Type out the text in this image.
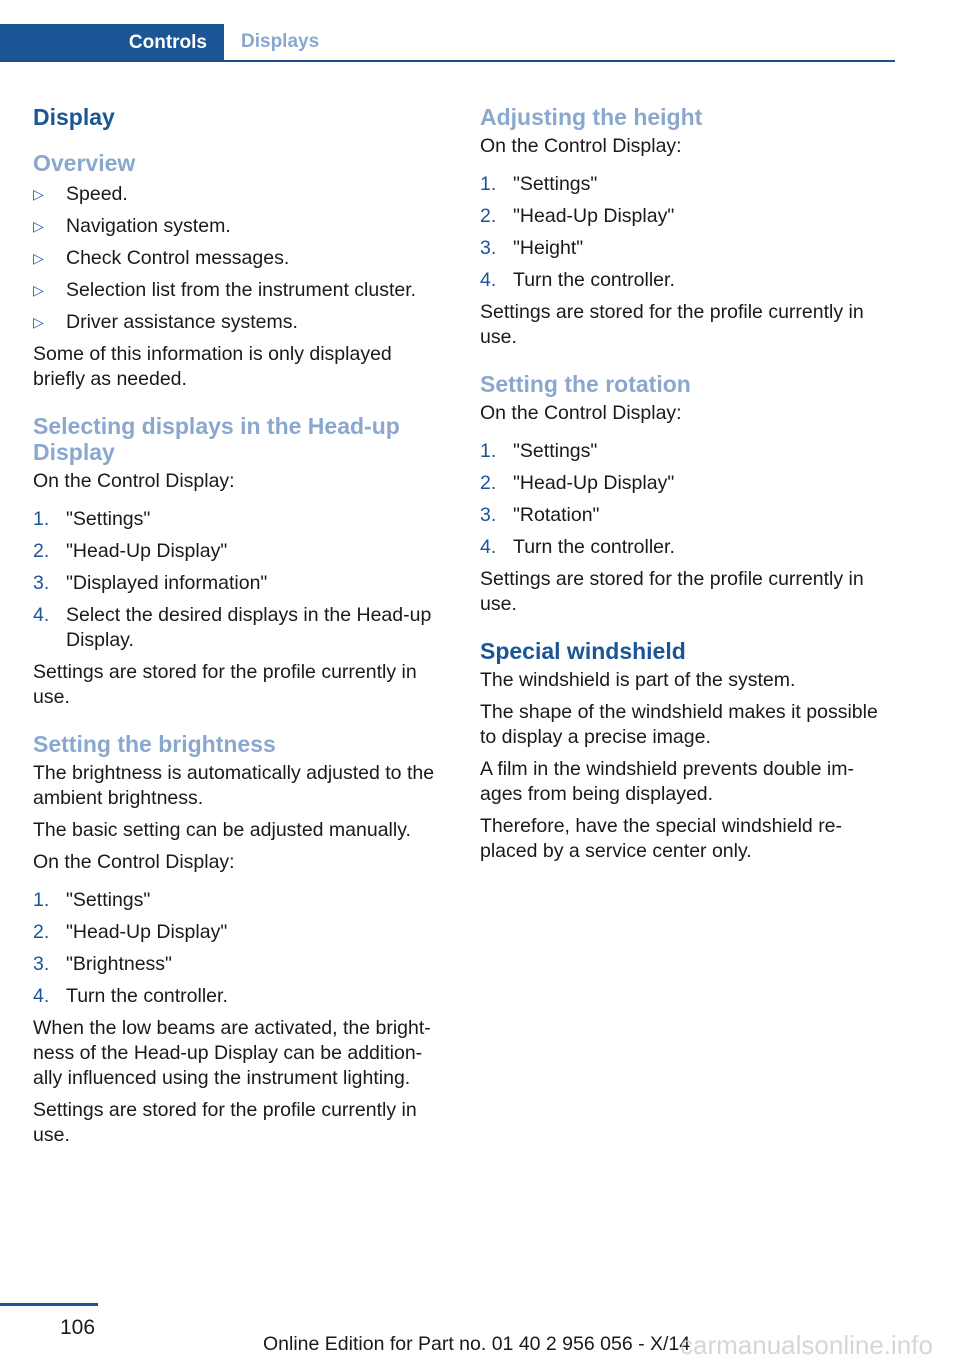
Controls Displays
Display
Overview
▷ Speed.
▷ Navigation system.
▷ Check Control messages.
▷ Selection list from the instrument cluster.
▷ Driver assistance systems.

Some of this information is only displayed briefly as needed.

Selecting displays in the Head-up Display

On the Control Display:

1. "Settings"
2. "Head-Up Display"
3. "Displayed information"
4. Select the desired displays in the Head-up Display.

Settings are stored for the profile currently in use.

Setting the brightness

The brightness is automatically adjusted to the ambient brightness.

The basic setting can be adjusted manually.

On the Control Display:

1. "Settings"
2. "Head-Up Display"
3. "Brightness"
4. Turn the controller.

When the low beams are activated, the bright-ness of the Head-up Display can be addition-ally influenced using the instrument lighting.

Settings are stored for the profile currently in use.

Adjusting the height

On the Control Display:

1. "Settings"
2. "Head-Up Display"
3. "Height"
4. Turn the controller.

Settings are stored for the profile currently in use.

Setting the rotation

On the Control Display:

1. "Settings"
2. "Head-Up Display"
3. "Rotation"
4. Turn the controller.

Settings are stored for the profile currently in use.

Special windshield

The windshield is part of the system.

The shape of the windshield makes it possible to display a precise image.

A film in the windshield prevents double im-ages from being displayed.

Therefore, have the special windshield re-placed by a service center only.

106
Online Edition for Part no. 01 40 2 956 056 - X/14
carmanualsonline.info
